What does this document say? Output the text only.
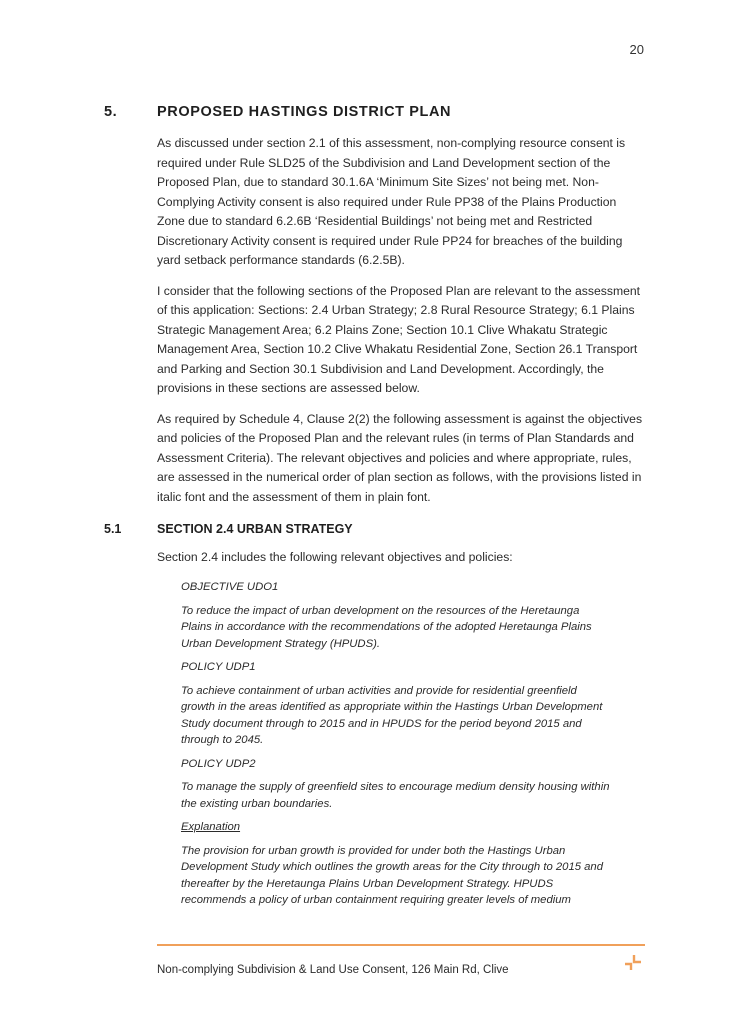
20
5.	PROPOSED HASTINGS DISTRICT PLAN

As discussed under section 2.1 of this assessment, non-complying resource consent is required under Rule SLD25 of the Subdivision and Land Development section of the Proposed Plan, due to standard 30.1.6A ‘Minimum Site Sizes’ not being met. Non-Complying Activity consent is also required under Rule PP38 of the Plains Production Zone due to standard 6.2.6B ‘Residential Buildings’ not being met and Restricted Discretionary Activity consent is required under Rule PP24 for breaches of the building yard setback performance standards (6.2.5B).

I consider that the following sections of the Proposed Plan are relevant to the assessment of this application: Sections: 2.4 Urban Strategy; 2.8 Rural Resource Strategy; 6.1 Plains Strategic Management Area; 6.2 Plains Zone; Section 10.1 Clive Whakatu Strategic Management Area, Section 10.2 Clive Whakatu Residential Zone, Section 26.1 Transport and Parking and Section 30.1 Subdivision and Land Development. Accordingly, the provisions in these sections are assessed below.

As required by Schedule 4, Clause 2(2) the following assessment is against the objectives and policies of the Proposed Plan and the relevant rules (in terms of Plan Standards and Assessment Criteria). The relevant objectives and policies and where appropriate, rules, are assessed in the numerical order of plan section as follows, with the provisions listed in italic font and the assessment of them in plain font.

5.1	SECTION 2.4 URBAN STRATEGY

Section 2.4 includes the following relevant objectives and policies:

OBJECTIVE UDO1

To reduce the impact of urban development on the resources of the Heretaunga Plains in accordance with the recommendations of the adopted Heretaunga Plains Urban Development Strategy (HPUDS).

POLICY UDP1

To achieve containment of urban activities and provide for residential greenfield growth in the areas identified as appropriate within the Hastings Urban Development Study document through to 2015 and in HPUDS for the period beyond 2015 and through to 2045.

POLICY UDP2

To manage the supply of greenfield sites to encourage medium density housing within the existing urban boundaries.

Explanation

The provision for urban growth is provided for under both the Hastings Urban Development Study which outlines the growth areas for the City through to 2015 and thereafter by the Heretaunga Plains Urban Development Strategy. HPUDS recommends a policy of urban containment requiring greater levels of medium

Non-complying Subdivision & Land Use Consent, 126 Main Rd, Clive
